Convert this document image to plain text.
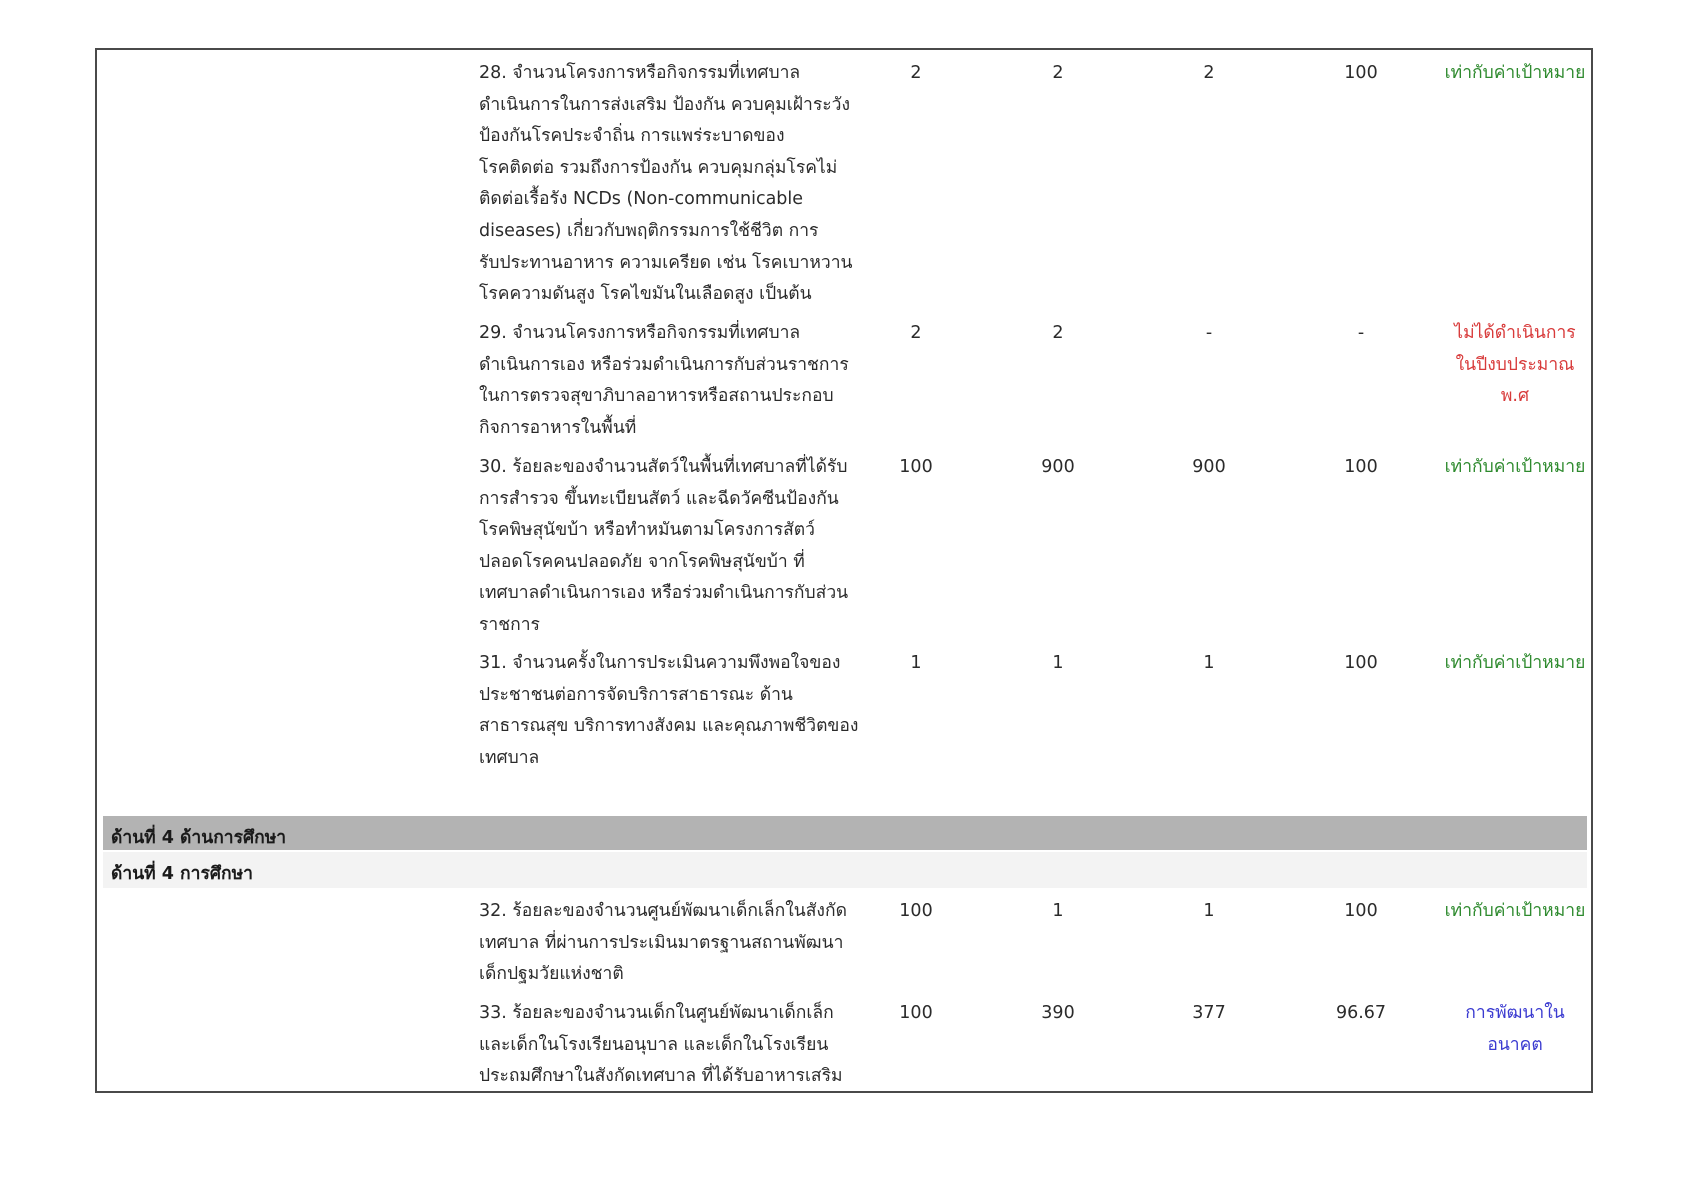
28. จำนวนโครงการหรือกิจกรรมที่เทศบาล
ดำเนินการในการส่งเสริม ป้องกัน ควบคุมเฝ้าระวัง
ป้องกันโรคประจำถิ่น การแพร่ระบาดของ
โรคติดต่อ รวมถึงการป้องกัน ควบคุมกลุ่มโรคไม่
ติดต่อเรื้อรัง NCDs (Non-communicable
diseases) เกี่ยวกับพฤติกรรมการใช้ชีวิต การ
รับประทานอาหาร ความเครียด เช่น โรคเบาหวาน
โรคความดันสูง โรคไขมันในเลือดสูง เป็นต้น
2	2	2	100	เท่ากับค่าเป้าหมาย
29. จำนวนโครงการหรือกิจกรรมที่เทศบาล
ดำเนินการเอง หรือร่วมดำเนินการกับส่วนราชการ
ในการตรวจสุขาภิบาลอาหารหรือสถานประกอบ
กิจการอาหารในพื้นที่
2	2	-	-	ไม่ได้ดำเนินการ
ในปีงบประมาณ
พ.ศ
30. ร้อยละของจำนวนสัตว์ในพื้นที่เทศบาลที่ได้รับ
การสำรวจ ขึ้นทะเบียนสัตว์ และฉีดวัคซีนป้องกัน
โรคพิษสุนัขบ้า หรือทำหมันตามโครงการสัตว์
ปลอดโรคคนปลอดภัย จากโรคพิษสุนัขบ้า ที่
เทศบาลดำเนินการเอง หรือร่วมดำเนินการกับส่วน
ราชการ
100	900	900	100	เท่ากับค่าเป้าหมาย
31. จำนวนครั้งในการประเมินความพึงพอใจของ
ประชาชนต่อการจัดบริการสาธารณะ ด้าน
สาธารณสุข บริการทางสังคม และคุณภาพชีวิตของ
เทศบาล
1	1	1	100	เท่ากับค่าเป้าหมาย
ด้านที่ 4 ด้านการศึกษา
ด้านที่ 4 การศึกษา
32. ร้อยละของจำนวนศูนย์พัฒนาเด็กเล็กในสังกัด
เทศบาล ที่ผ่านการประเมินมาตรฐานสถานพัฒนา
เด็กปฐมวัยแห่งชาติ
100	1	1	100	เท่ากับค่าเป้าหมาย
33. ร้อยละของจำนวนเด็กในศูนย์พัฒนาเด็กเล็ก
และเด็กในโรงเรียนอนุบาล และเด็กในโรงเรียน
ประถมศึกษาในสังกัดเทศบาล ที่ได้รับอาหารเสริม
100	390	377	96.67	การพัฒนาใน
อนาคต
